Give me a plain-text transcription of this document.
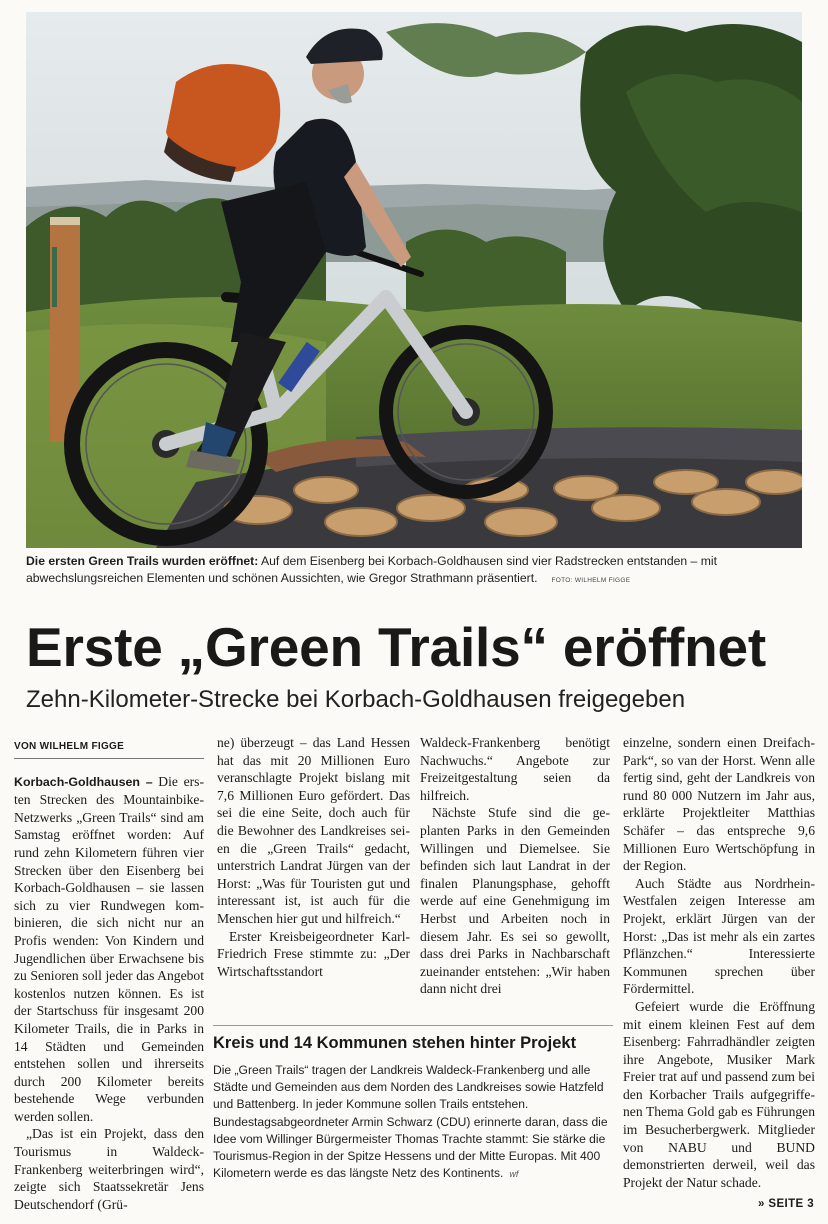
Die ersten Green Trails wurden eröffnet: Auf dem Eisenberg bei Korbach-Goldhausen sind vier Radstrecken entstanden – mit abwechslungsreichen Elementen und schönen Aussichten, wie Gregor Strathmann präsentiert. FOTO: WILHELM FIGGE
Erste „Green Trails“ eröffnet
Zehn-Kilometer-Strecke bei Korbach-Goldhausen freigegeben
VON WILHELM FIGGE

Korbach-Goldhausen – Die ersten Strecken des Mountainbike-Netzwerks „Green Trails“ sind am Samstag eröffnet worden: Auf rund zehn Kilometern führen vier Strecken über den Eisenberg bei Korbach-Goldhausen – sie lassen sich zu vier Rundwegen kombinieren, die sich nicht nur an Profis wenden: Von Kindern und Jugendlichen über Erwachsene bis zu Senioren soll jeder das Angebot kostenlos nutzen können. Es ist der Startschuss für insgesamt 200 Kilometer Trails, die in Parks in 14 Städten und Gemeinden entstehen sollen und ihrerseits durch 200 Kilometer bereits bestehende Wege verbunden werden sollen.

„Das ist ein Projekt, dass den Tourismus in Waldeck-Frankenberg weiterbringen wird“, zeigte sich Staatssekretär Jens Deutschendorf (Grü-

ne) überzeugt – das Land Hessen hat das mit 20 Millionen Euro veranschlagte Projekt bislang mit 7,6 Millionen Euro gefördert. Das sei die eine Seite, doch auch für die Bewohner des Landkreises seien die „Green Trails“ gedacht, unterstrich Landrat Jürgen van der Horst: „Was für Touristen gut und interessant ist, ist auch für die Menschen hier gut und hilfreich.“

Erster Kreisbeigeordneter Karl-Friedrich Frese stimmte zu: „Der Wirtschaftsstandort

Waldeck-Frankenberg benötigt Nachwuchs.“ Angebote zur Freizeitgestaltung seien da hilfreich.

Nächste Stufe sind die geplanten Parks in den Gemeinden Willingen und Diemelsee. Sie befinden sich laut Landrat in der finalen Planungsphase, gehofft werde auf eine Genehmigung im Herbst und Arbeiten noch in diesem Jahr. Es sei so gewollt, dass drei Parks in Nachbarschaft zueinander entstehen: „Wir haben dann nicht drei

einzelne, sondern einen Dreifach-Park“, so van der Horst. Wenn alle fertig sind, geht der Landkreis von rund 80 000 Nutzern im Jahr aus, erklärte Projektleiter Matthias Schäfer – das entspreche 9,6 Millionen Euro Wertschöpfung in der Region.

Auch Städte aus Nordrhein-Westfalen zeigen Interesse am Projekt, erklärt Jürgen van der Horst: „Das ist mehr als ein zartes Pflänzchen.“ Interessierte Kommunen sprechen über Fördermittel.

Gefeiert wurde die Eröffnung mit einem kleinen Fest auf dem Eisenberg: Fahrradhändler zeigten ihre Angebote, Musiker Mark Freier trat auf und passend zum bei den Korbacher Trails aufgegriffenen Thema Gold gab es Führungen im Besucherbergwerk. Mitglieder von NABU und BUND demonstrierten derweil, weil das Projekt der Natur schade.

Kreis und 14 Kommunen stehen hinter Projekt
Die „Green Trails“ tragen der Landkreis Waldeck-Frankenberg und alle Städte und Gemeinden aus dem Norden des Landkreises sowie Hatzfeld und Battenberg. In jeder Kommune sollen Trails entstehen. Bundestagsabgeordneter Armin Schwarz (CDU) erinnerte daran, dass die Idee vom Willinger Bürgermeister Thomas Trachte stammt: Sie stärke die Tourismus-Region in der Spitze Hessens und der Mitte Europas. Mit 400 Kilometern werde es das längste Netz des Kontinents. wf
» SEITE 3
